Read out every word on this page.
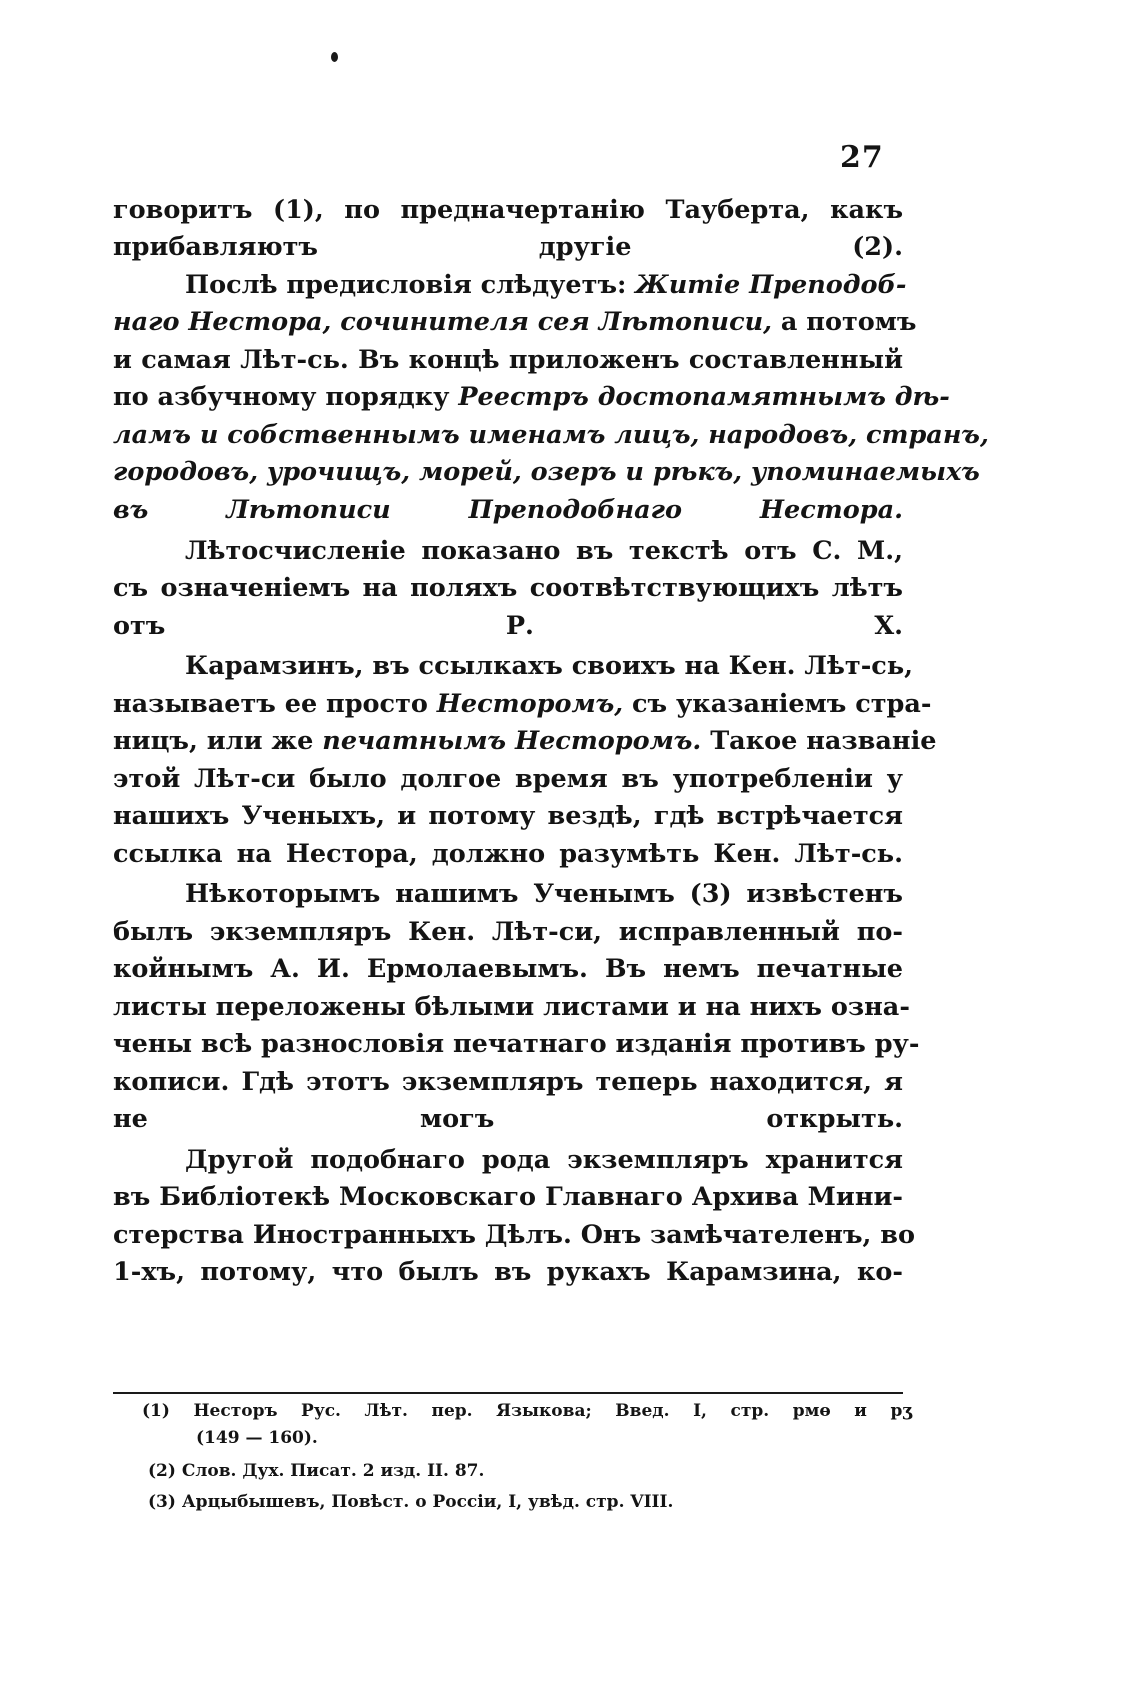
27
говоритъ (1), по предначертанію Тауберта, какъ
прибавляютъ другіе (2).
Послѣ предисловія слѣдуетъ: Житіе Преподоб-
наго Нестора, сочинителя сея Лѣтописи, а потомъ
и самая Лѣт-сь. Въ концѣ приложенъ составленный
по азбучному порядку Реестръ достопамятнымъ дѣ-
ламъ и собственнымъ именамъ лицъ, народовъ, странъ,
городовъ, урочищъ, морей, озеръ и рѣкъ, упоминаемыхъ
въ Лѣтописи Преподобнаго Нестора.
Лѣтосчисленіе показано въ текстѣ отъ С. М.,
съ означеніемъ на поляхъ соотвѣтствующихъ лѣтъ
отъ Р. Х.
Карамзинъ, въ ссылкахъ своихъ на Кен. Лѣт-сь,
называетъ ее просто Несторомъ, съ указаніемъ стра-
ницъ, или же печатнымъ Несторомъ. Такое названіе
этой Лѣт-си было долгое время въ употребленіи у
нашихъ Ученыхъ, и потому вездѣ, гдѣ встрѣчается
ссылка на Нестора, должно разумѣть Кен. Лѣт-сь.
Нѣкоторымъ нашимъ Ученымъ (3) извѣстенъ
былъ экземпляръ Кен. Лѣт-си, исправленный по-
койнымъ А. И. Ермолаевымъ. Въ немъ печатные
листы переложены бѣлыми листами и на нихъ озна-
чены всѣ разнословія печатнаго изданія противъ ру-
кописи. Гдѣ этотъ экземпляръ теперь находится, я
не могъ открыть.
Другой подобнаго рода экземпляръ хранится
въ Библіотекѣ Московскаго Главнаго Архива Мини-
стерства Иностранныхъ Дѣлъ. Онъ замѣчателенъ, во
1-хъ, потому, что былъ въ рукахъ Карамзина, ко-
(1) Несторъ Рус. Лѣт. пер. Языкова; Введ. I, стр. рмө и рӡ
(149 — 160).
(2) Слов. Дух. Писат. 2 изд. II. 87.
(3) Арцыбышевъ, Повѣст. о Россіи, I, увѣд. стр. VIII.
